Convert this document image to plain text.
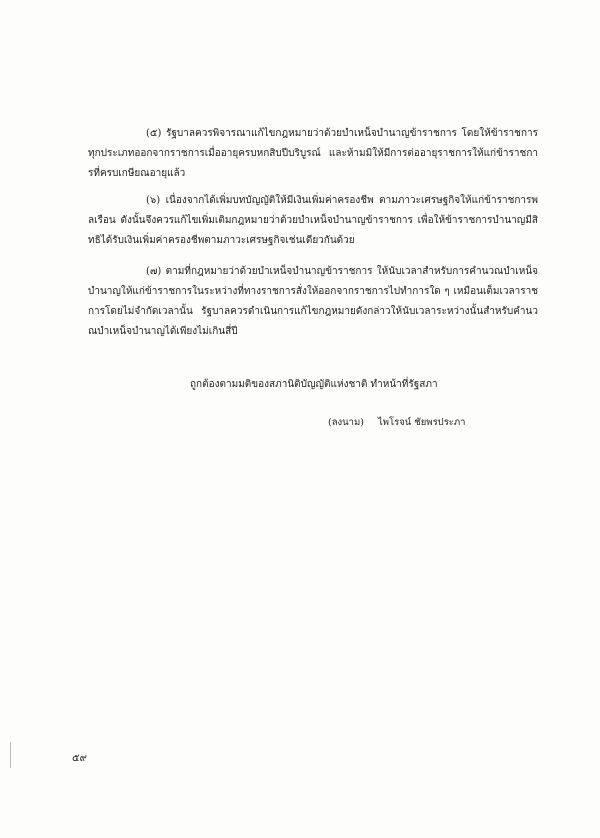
(๕) รัฐบาลควรพิจารณาแก้ไขกฎหมายว่าด้วยบำเหน็จบำนาญข้าราชการ โดยให้ข้าราชการทุกประเภทออกจากราชการเมื่ออายุครบหกสิบปีบริบูรณ์ และห้ามมิให้มีการต่ออายุราชการให้แก่ข้าราชการที่ครบเกษียณอายุแล้ว
(๖) เนื่องจากได้เพิ่มบทบัญญัติให้มีเงินเพิ่มค่าครองชีพ ตามภาวะเศรษฐกิจให้แก่ข้าราชการพลเรือน ดังนั้นจึงควรแก้ไขเพิ่มเติมกฎหมายว่าด้วยบำเหน็จบำนาญข้าราชการ เพื่อให้ข้าราชการบำนาญมีสิทธิได้รับเงินเพิ่มค่าครองชีพตามภาวะเศรษฐกิจเช่นเดียวกันด้วย
(๗) ตามที่กฎหมายว่าด้วยบำเหน็จบำนาญข้าราชการ ให้นับเวลาสำหรับการคำนวณบำเหน็จบำนาญให้แก่ข้าราชการในระหว่างที่ทางราชการสั่งให้ออกจากราชการไปทำการใด ๆ เหมือนเต็มเวลาราชการโดยไม่จำกัดเวลานั้น รัฐบาลควรดำเนินการแก้ไขกฎหมายดังกล่าวให้นับเวลาระหว่างนั้นสำหรับคำนวณบำเหน็จบำนาญได้เพียงไม่เกินสี่ปี
ถูกต้องตามมติของสภานิติบัญญัติแห่งชาติ ทำหน้าที่รัฐสภา
(ลงนาม) ไพโรจน์ ชัยพรประภา
๕๙
